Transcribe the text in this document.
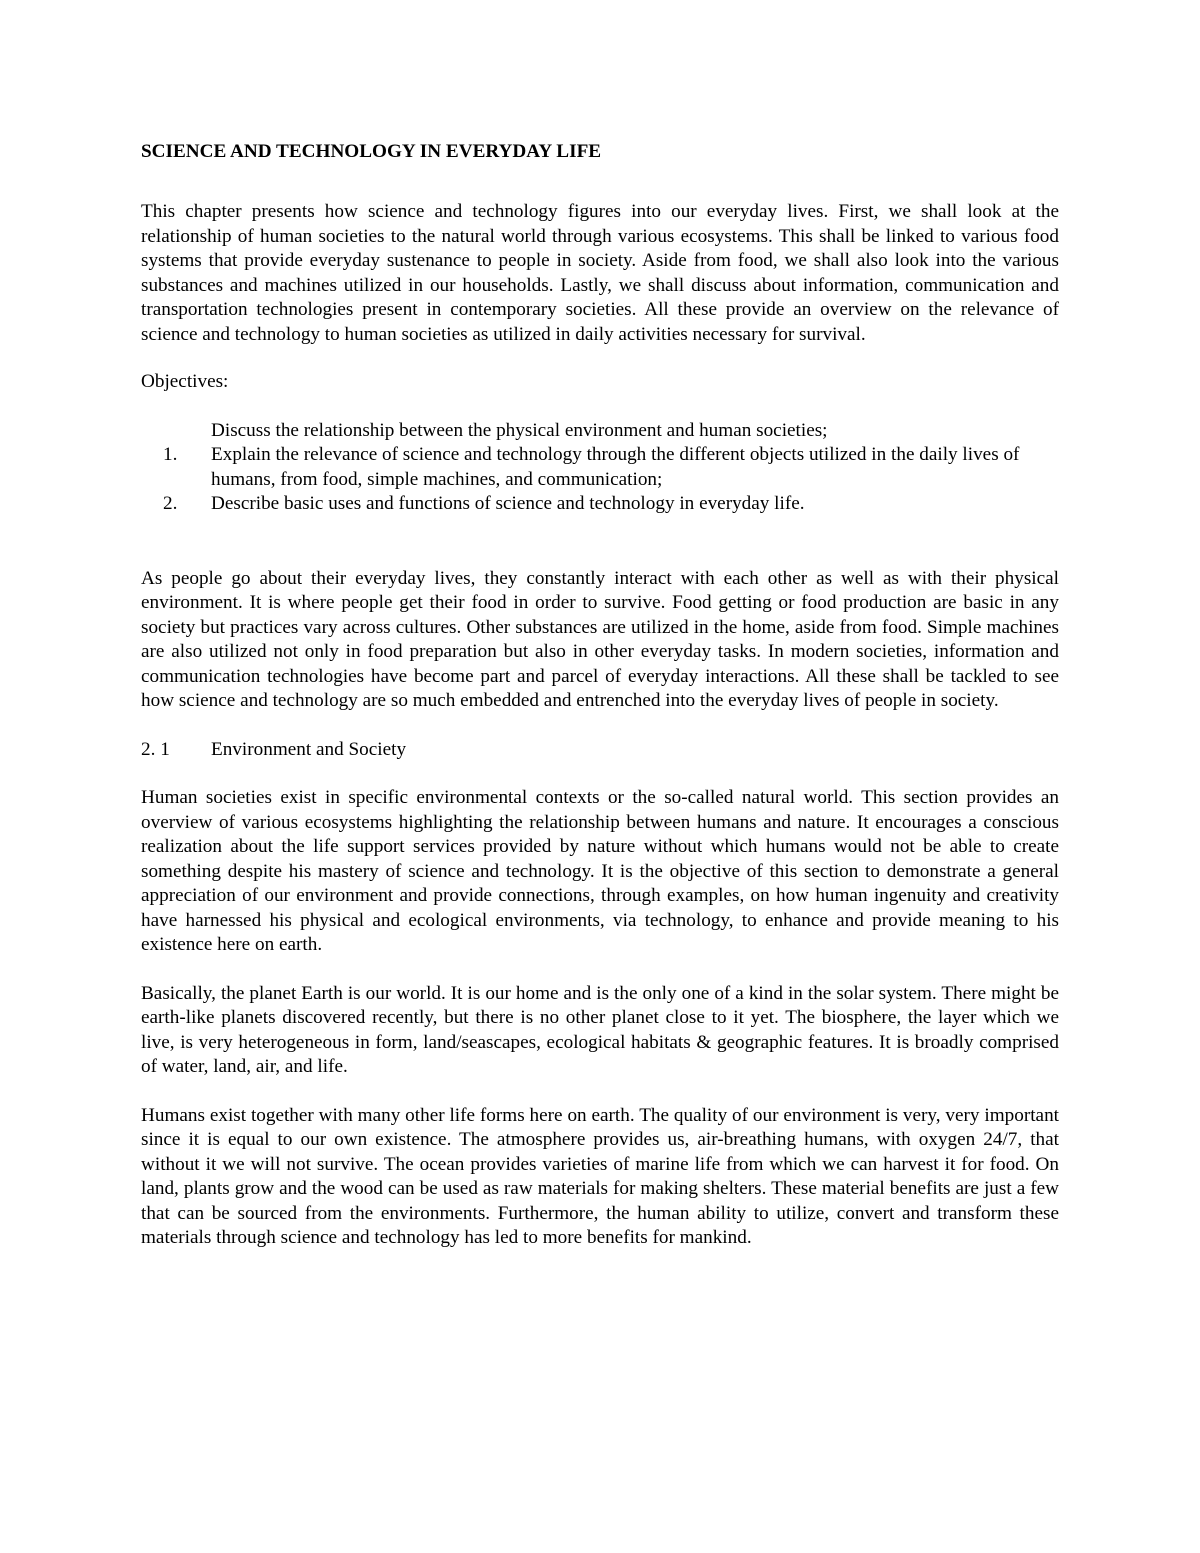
SCIENCE AND TECHNOLOGY IN EVERYDAY LIFE

This chapter presents how science and technology figures into our everyday lives. First, we shall look at the relationship of human societies to the natural world through various ecosystems. This shall be linked to various food systems that provide everyday sustenance to people in society. Aside from food, we shall also look into the various substances and machines utilized in our households. Lastly, we shall discuss about information, communication and transportation technologies present in contemporary societies. All these provide an overview on the relevance of science and technology to human societies as utilized in daily activities necessary for survival.

Objectives:

Discuss the relationship between the physical environment and human societies;
1. Explain the relevance of science and technology through the different objects utilized in the daily lives of humans, from food, simple machines, and communication;
2. Describe basic uses and functions of science and technology in everyday life.

As people go about their everyday lives, they constantly interact with each other as well as with their physical environment. It is where people get their food in order to survive. Food getting or food production are basic in any society but practices vary across cultures. Other substances are utilized in the home, aside from food. Simple machines are also utilized not only in food preparation but also in other everyday tasks. In modern societies, information and communication technologies have become part and parcel of everyday interactions. All these shall be tackled to see how science and technology are so much embedded and entrenched into the everyday lives of people in society.

2. 1 Environment and Society

Human societies exist in specific environmental contexts or the so-called natural world. This section provides an overview of various ecosystems highlighting the relationship between humans and nature. It encourages a conscious realization about the life support services provided by nature without which humans would not be able to create something despite his mastery of science and technology. It is the objective of this section to demonstrate a general appreciation of our environment and provide connections, through examples, on how human ingenuity and creativity have harnessed his physical and ecological environments, via technology, to enhance and provide meaning to his existence here on earth.

Basically, the planet Earth is our world. It is our home and is the only one of a kind in the solar system. There might be earth-like planets discovered recently, but there is no other planet close to it yet. The biosphere, the layer which we live, is very heterogeneous in form, land/seascapes, ecological habitats & geographic features. It is broadly comprised of water, land, air, and life.

Humans exist together with many other life forms here on earth. The quality of our environment is very, very important since it is equal to our own existence. The atmosphere provides us, air-breathing humans, with oxygen 24/7, that without it we will not survive. The ocean provides varieties of marine life from which we can harvest it for food. On land, plants grow and the wood can be used as raw materials for making shelters. These material benefits are just a few that can be sourced from the environments. Furthermore, the human ability to utilize, convert and transform these materials through science and technology has led to more benefits for mankind.
